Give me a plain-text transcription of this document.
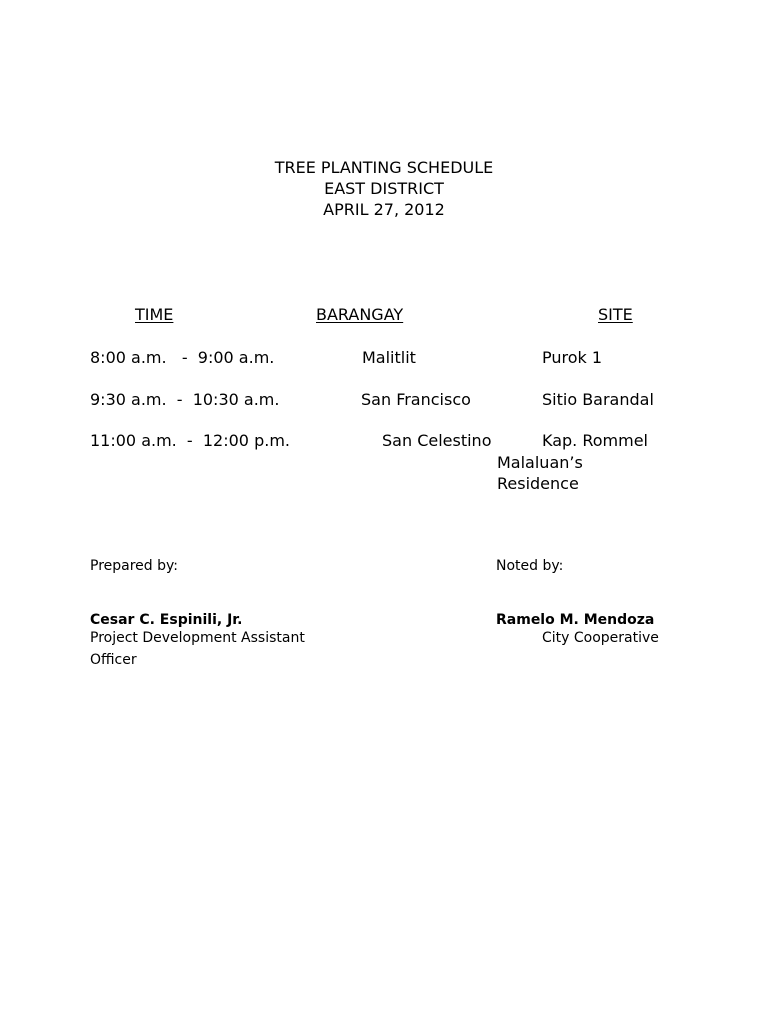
TREE PLANTING SCHEDULE
EAST DISTRICT
APRIL 27, 2012
TIME	BARANGAY	SITE
8:00 a.m.   -  9:00 a.m.	Malitlit	Purok 1
9:30 a.m.  -  10:30 a.m.	San Francisco	Sitio Barandal
11:00 a.m.  -  12:00 p.m.	San Celestino	Kap. Rommel
Malaluan’s
Residence
Prepared by:
Cesar C. Espinili, Jr.
Project Development Assistant
Officer
Noted by:
Ramelo M. Mendoza
City Cooperative
